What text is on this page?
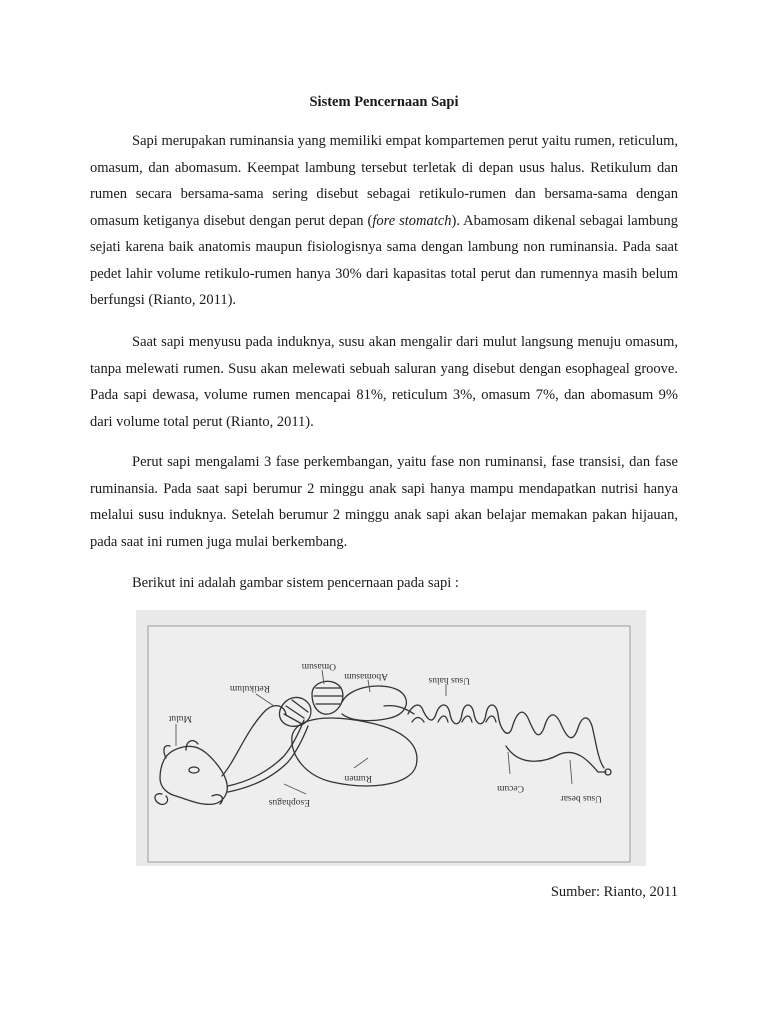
Sistem Pencernaan Sapi

Sapi merupakan ruminansia yang memiliki empat kompartemen perut yaitu rumen, reticulum, omasum, dan abomasum. Keempat lambung tersebut terletak di depan usus halus. Retikulum dan rumen secara bersama-sama sering disebut sebagai retikulo-rumen dan bersama-sama dengan omasum ketiganya disebut dengan perut depan (fore stomatch). Abamosam dikenal sebagai lambung sejati karena baik anatomis maupun fisiologisnya sama dengan lambung non ruminansia. Pada saat pedet lahir volume retikulo-rumen hanya 30% dari kapasitas total perut dan rumennya masih belum berfungsi (Rianto, 2011).

Saat sapi menyusu pada induknya, susu akan mengalir dari mulut langsung menuju omasum, tanpa melewati rumen. Susu akan melewati sebuah saluran yang disebut dengan esophageal groove. Pada sapi dewasa, volume rumen mencapai 81%, reticulum 3%, omasum 7%, dan abomasum 9% dari volume total perut (Rianto, 2011).

Perut sapi mengalami 3 fase perkembangan, yaitu fase non ruminansi, fase transisi, dan fase ruminansia. Pada saat sapi berumur 2 minggu anak sapi hanya mampu mendapatkan nutrisi hanya melalui susu induknya. Setelah berumur 2 minggu anak sapi akan belajar memakan pakan hijauan, pada saat ini rumen juga mulai berkembang.

Berikut ini adalah gambar sistem pencernaan pada sapi :

Mulut
Retikulum
Omasum
Abomasum	Usus halus
Esophagus
Rumen
Cecum
Usus besar
Sumber: Rianto, 2011
